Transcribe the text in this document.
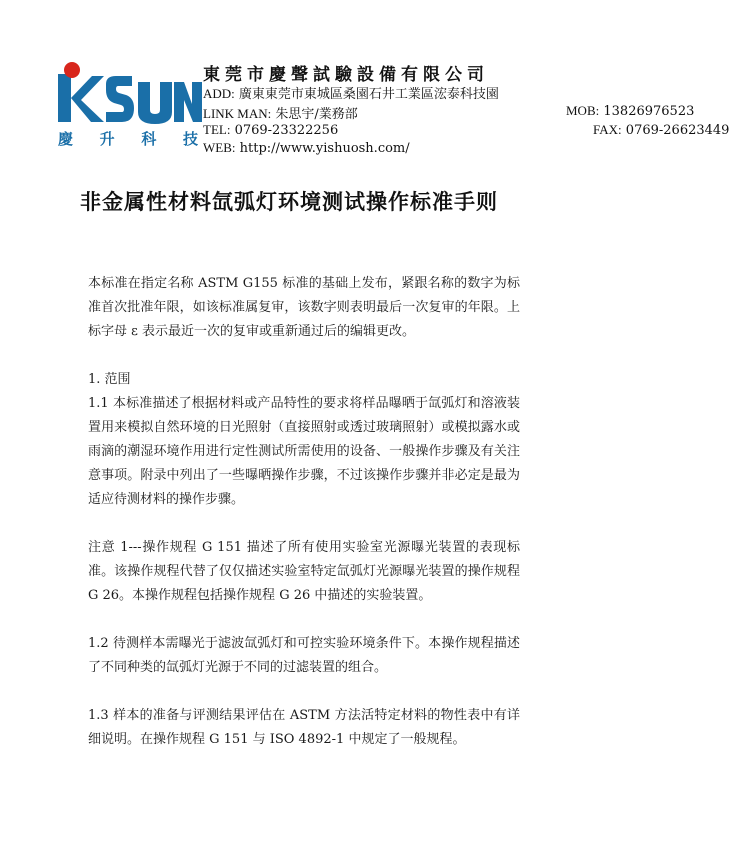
慶 升 科 技
東莞市慶聲試驗設備有限公司
ADD: 廣東東莞市東城區桑園石井工業區浤泰科技園
LINK MAN: 朱思宇/業務部	MOB: 13826976523
TEL: 0769-23322256	FAX: 0769-26623449
WEB: http://www.yishuosh.com/
非金属性材料氙弧灯环境测试操作标准手则

本标准在指定名称 ASTM G155 标准的基础上发布，紧跟名称的数字为标准首次批准年限，如该标准属复审，该数字则表明最后一次复审的年限。上标字母 ε 表示最近一次的复审或重新通过后的编辑更改。

1. 范围

1.1 本标准描述了根据材料或产品特性的要求将样品曝晒于氙弧灯和溶液装置用来模拟自然环境的日光照射（直接照射或透过玻璃照射）或模拟露水或雨滴的潮湿环境作用进行定性测试所需使用的设备、一般操作步骤及有关注意事项。附录中列出了一些曝晒操作步骤，不过该操作步骤并非必定是最为适应待测材料的操作步骤。

注意 1---操作规程 G 151 描述了所有使用实验室光源曝光装置的表现标准。该操作规程代替了仅仅描述实验室特定氙弧灯光源曝光装置的操作规程 G 26。本操作规程包括操作规程 G 26 中描述的实验装置。

1.2 待测样本需曝光于滤波氙弧灯和可控实验环境条件下。本操作规程描述了不同种类的氙弧灯光源于不同的过滤装置的组合。

1.3 样本的准备与评测结果评估在 ASTM 方法活特定材料的物性表中有详细说明。在操作规程 G 151 与 ISO 4892-1 中规定了一般规程。
